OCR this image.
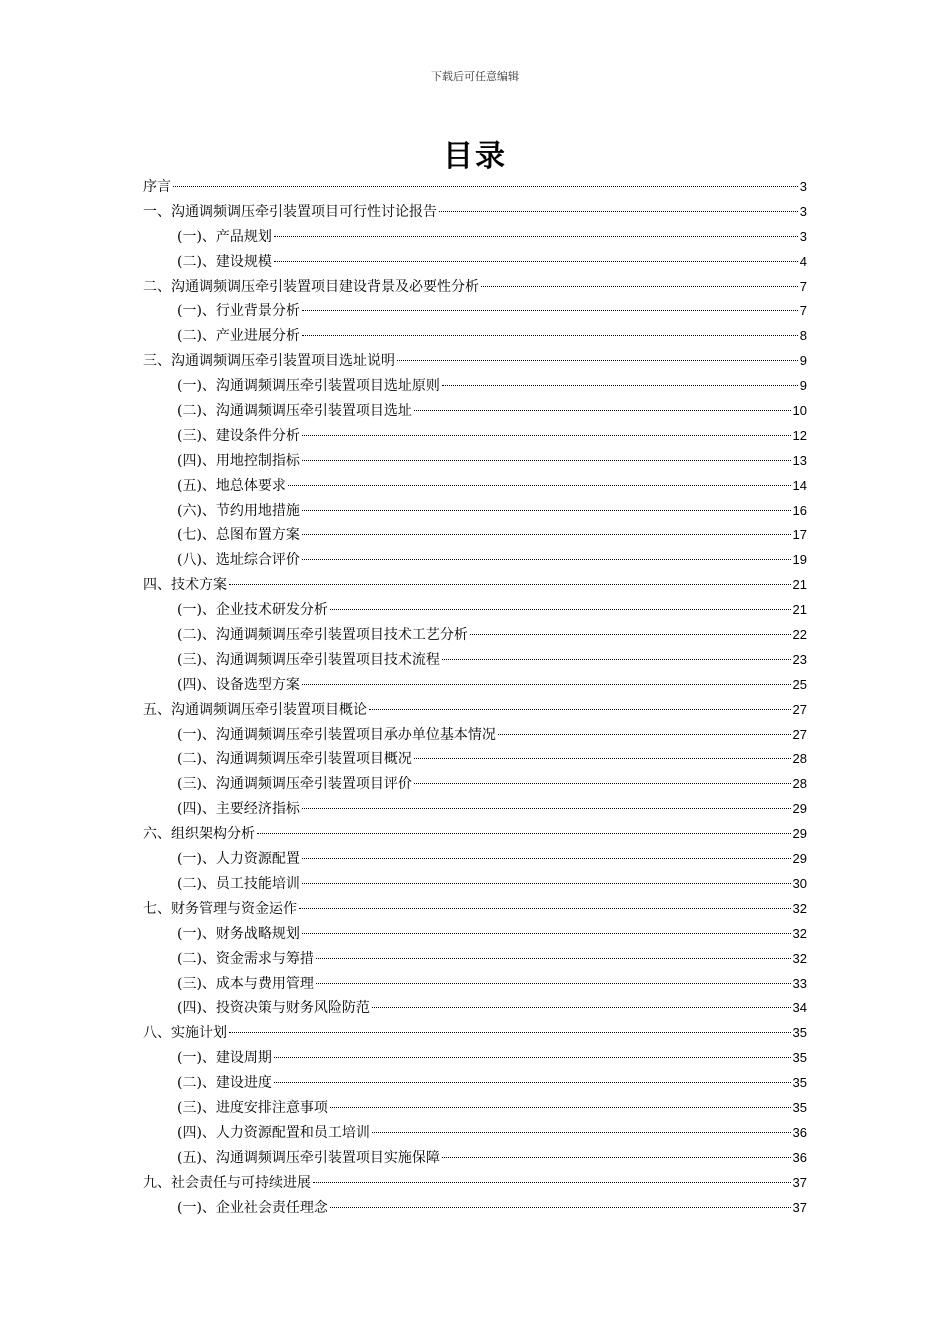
下载后可任意编辑
目录
序言	3
一、沟通调频调压牵引装置项目可行性讨论报告	3
(一)、产品规划	3
(二)、建设规模	4
二、沟通调频调压牵引装置项目建设背景及必要性分析	7
(一)、行业背景分析	7
(二)、产业进展分析	8
三、沟通调频调压牵引装置项目选址说明	9
(一)、沟通调频调压牵引装置项目选址原则	9
(二)、沟通调频调压牵引装置项目选址	10
(三)、建设条件分析	12
(四)、用地控制指标	13
(五)、地总体要求	14
(六)、节约用地措施	16
(七)、总图布置方案	17
(八)、选址综合评价	19
四、技术方案	21
(一)、企业技术研发分析	21
(二)、沟通调频调压牵引装置项目技术工艺分析	22
(三)、沟通调频调压牵引装置项目技术流程	23
(四)、设备选型方案	25
五、沟通调频调压牵引装置项目概论	27
(一)、沟通调频调压牵引装置项目承办单位基本情况	27
(二)、沟通调频调压牵引装置项目概况	28
(三)、沟通调频调压牵引装置项目评价	28
(四)、主要经济指标	29
六、组织架构分析	29
(一)、人力资源配置	29
(二)、员工技能培训	30
七、财务管理与资金运作	32
(一)、财务战略规划	32
(二)、资金需求与筹措	32
(三)、成本与费用管理	33
(四)、投资决策与财务风险防范	34
八、实施计划	35
(一)、建设周期	35
(二)、建设进度	35
(三)、进度安排注意事项	35
(四)、人力资源配置和员工培训	36
(五)、沟通调频调压牵引装置项目实施保障	36
九、社会责任与可持续进展	37
(一)、企业社会责任理念	37
